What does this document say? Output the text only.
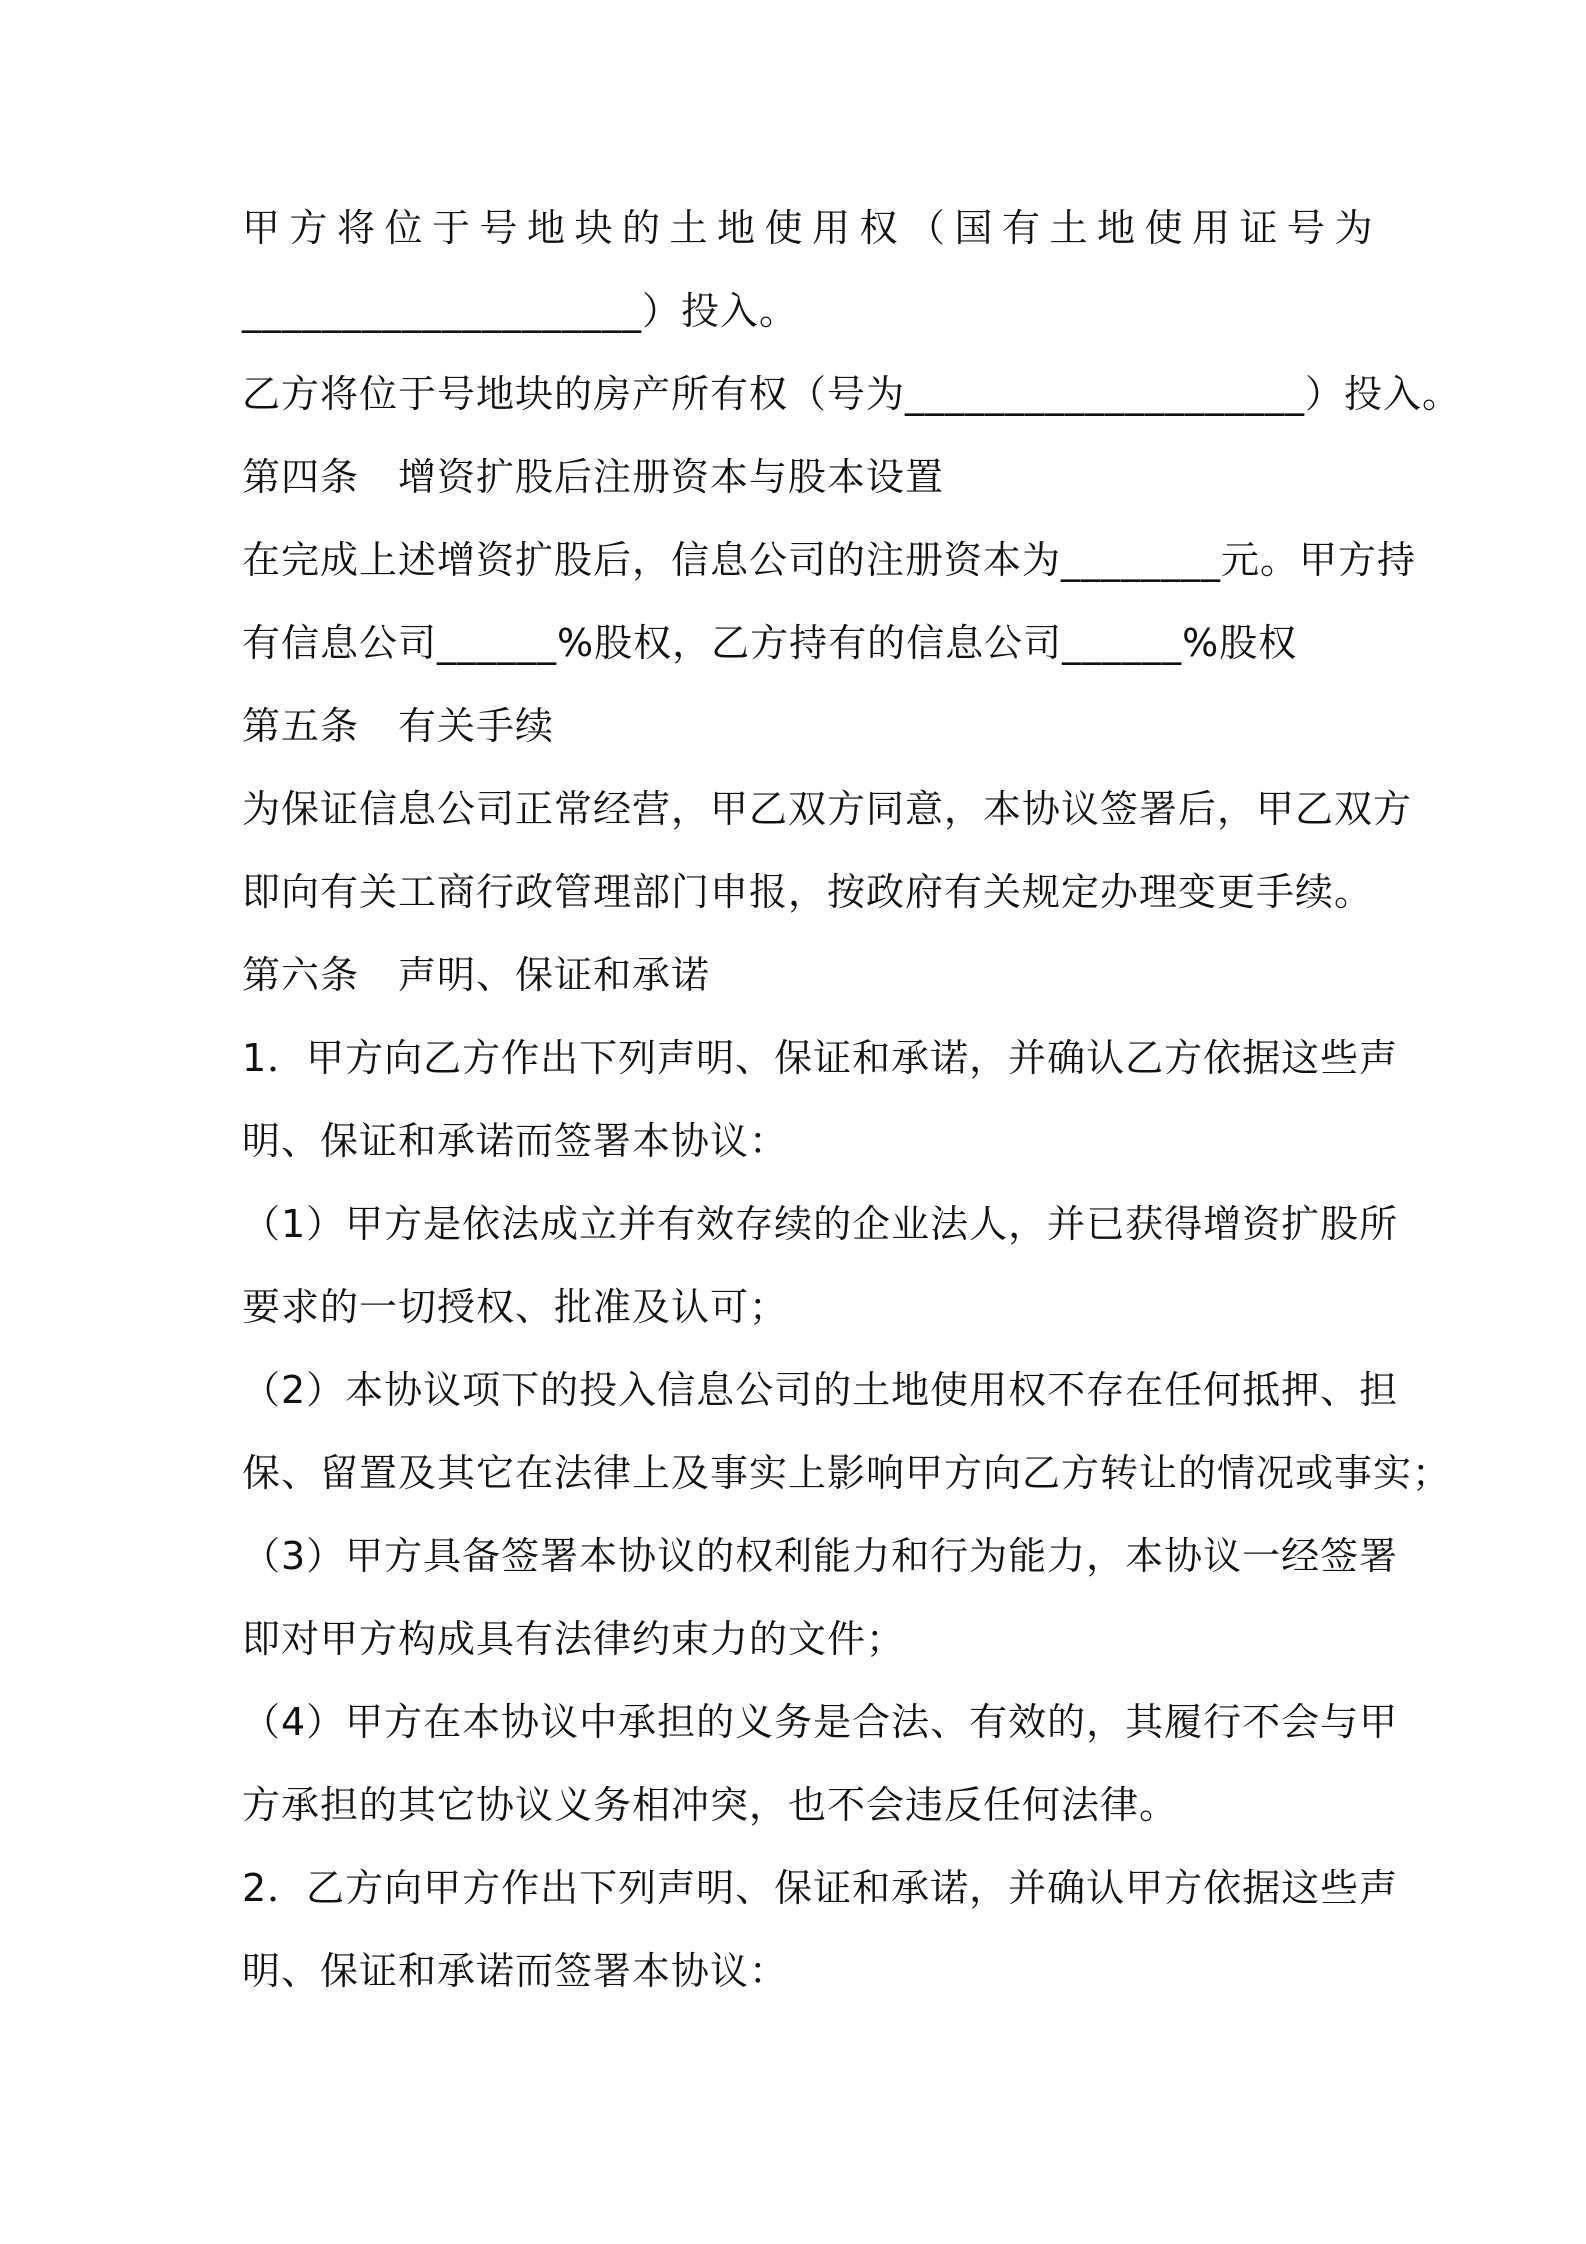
甲方将位于号地块的土地使用权（国有土地使用证号为
____________________）投入。
乙方将位于号地块的房产所有权（号为____________________）投入。
第四条　增资扩股后注册资本与股本设置
在完成上述增资扩股后，信息公司的注册资本为________元。甲方持
有信息公司______%股权，乙方持有的信息公司______%股权
第五条　有关手续
为保证信息公司正常经营，甲乙双方同意，本协议签署后，甲乙双方
即向有关工商行政管理部门申报，按政府有关规定办理变更手续。
第六条　声明、保证和承诺
1．甲方向乙方作出下列声明、保证和承诺，并确认乙方依据这些声
明、保证和承诺而签署本协议：
（1）甲方是依法成立并有效存续的企业法人，并已获得增资扩股所
要求的一切授权、批准及认可；
（2）本协议项下的投入信息公司的土地使用权不存在任何抵押、担
保、留置及其它在法律上及事实上影响甲方向乙方转让的情况或事实；
（3）甲方具备签署本协议的权利能力和行为能力，本协议一经签署
即对甲方构成具有法律约束力的文件；
（4）甲方在本协议中承担的义务是合法、有效的，其履行不会与甲
方承担的其它协议义务相冲突，也不会违反任何法律。
2．乙方向甲方作出下列声明、保证和承诺，并确认甲方依据这些声
明、保证和承诺而签署本协议：
